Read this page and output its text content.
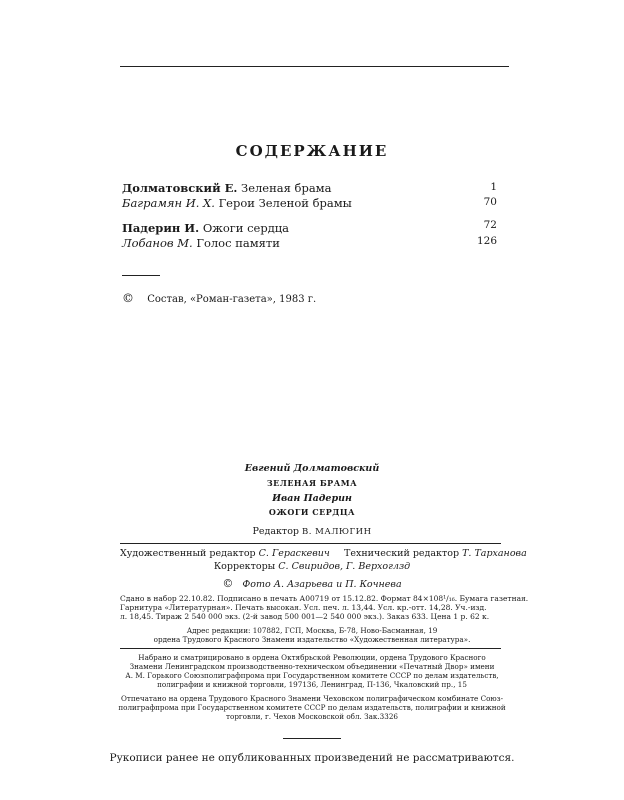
СОДЕРЖАНИЕ
Долматовский Е. Зеленая брама	1
Баграмян И. Х. Герои Зеленой брамы	70
Падерин И. Ожоги сердца	72
Лобанов М. Голос памяти	126
© Состав, «Роман-газета», 1983 г.
Евгений Долматовский
ЗЕЛЕНАЯ БРАМА
Иван Падерин
ОЖОГИ СЕРДЦА
Редактор В. МАЛЮГИН
Художественный редактор С. Гераскевич Технический редактор Т. Тарханова
Корректоры С. Свиридов, Г. Верхоглзд
© Фото А. Азарьева и П. Кочнева
Сдано в набор 22.10.82. Подписано в печать А00719 от 15.12.82. Формат 84×108¹/₁₆. Бумага газетная.
Гарнитура «Литературная». Печать высокая. Усл. печ. л. 13,44. Усл. кр.-отт. 14,28. Уч.-изд.
л. 18,45. Тираж 2 540 000 экз. (2-й завод 500 001—2 540 000 экз.). Заказ 633. Цена 1 р. 62 к.
Адрес редакции: 107882, ГСП, Москва, Б-78, Ново-Басманная, 19
ордена Трудового Красного Знамени издательство «Художественная литература».
Набрано и сматрицировано в ордена Октябрьской Революции, ордена Трудового Красного
Знамени Ленинградском производственно-техническом объединении «Печатный Двор» имени
А. М. Горького Союзполиграфпрома при Государственном комитете СССР по делам издательств,
полиграфии и книжной торговли, 197136, Ленинград, П-136, Чкаловский пр., 15
Отпечатано на ордена Трудового Красного Знамени Чеховском полиграфическом комбинате Союз-
полиграфпрома при Государственном комитете СССР по делам издательств, полиграфии и книжной
торговли, г. Чехов Московской обл. Зак.3326
Рукописи ранее не опубликованных произведений не рассматриваются.
